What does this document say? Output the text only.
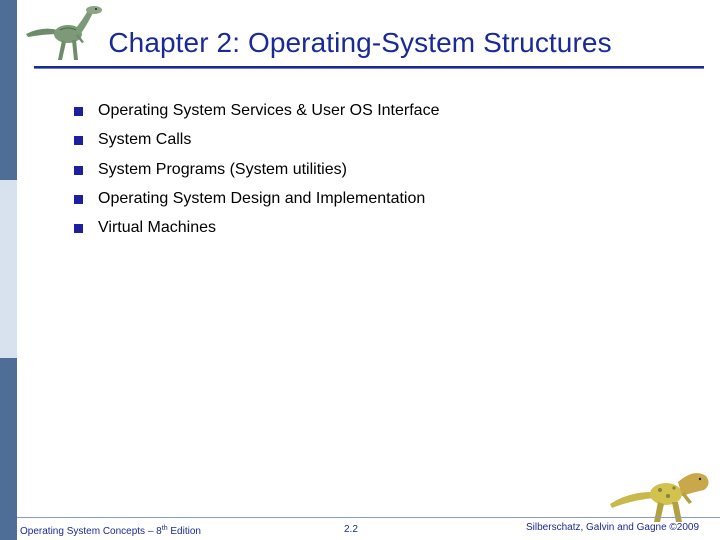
Chapter 2: Operating-System Structures
Operating System Services & User OS Interface
System Calls
System Programs (System utilities)
Operating System Design and Implementation
Virtual Machines
Operating System Concepts – 8th Edition	2.2	Silberschatz, Galvin and Gagne ©2009
